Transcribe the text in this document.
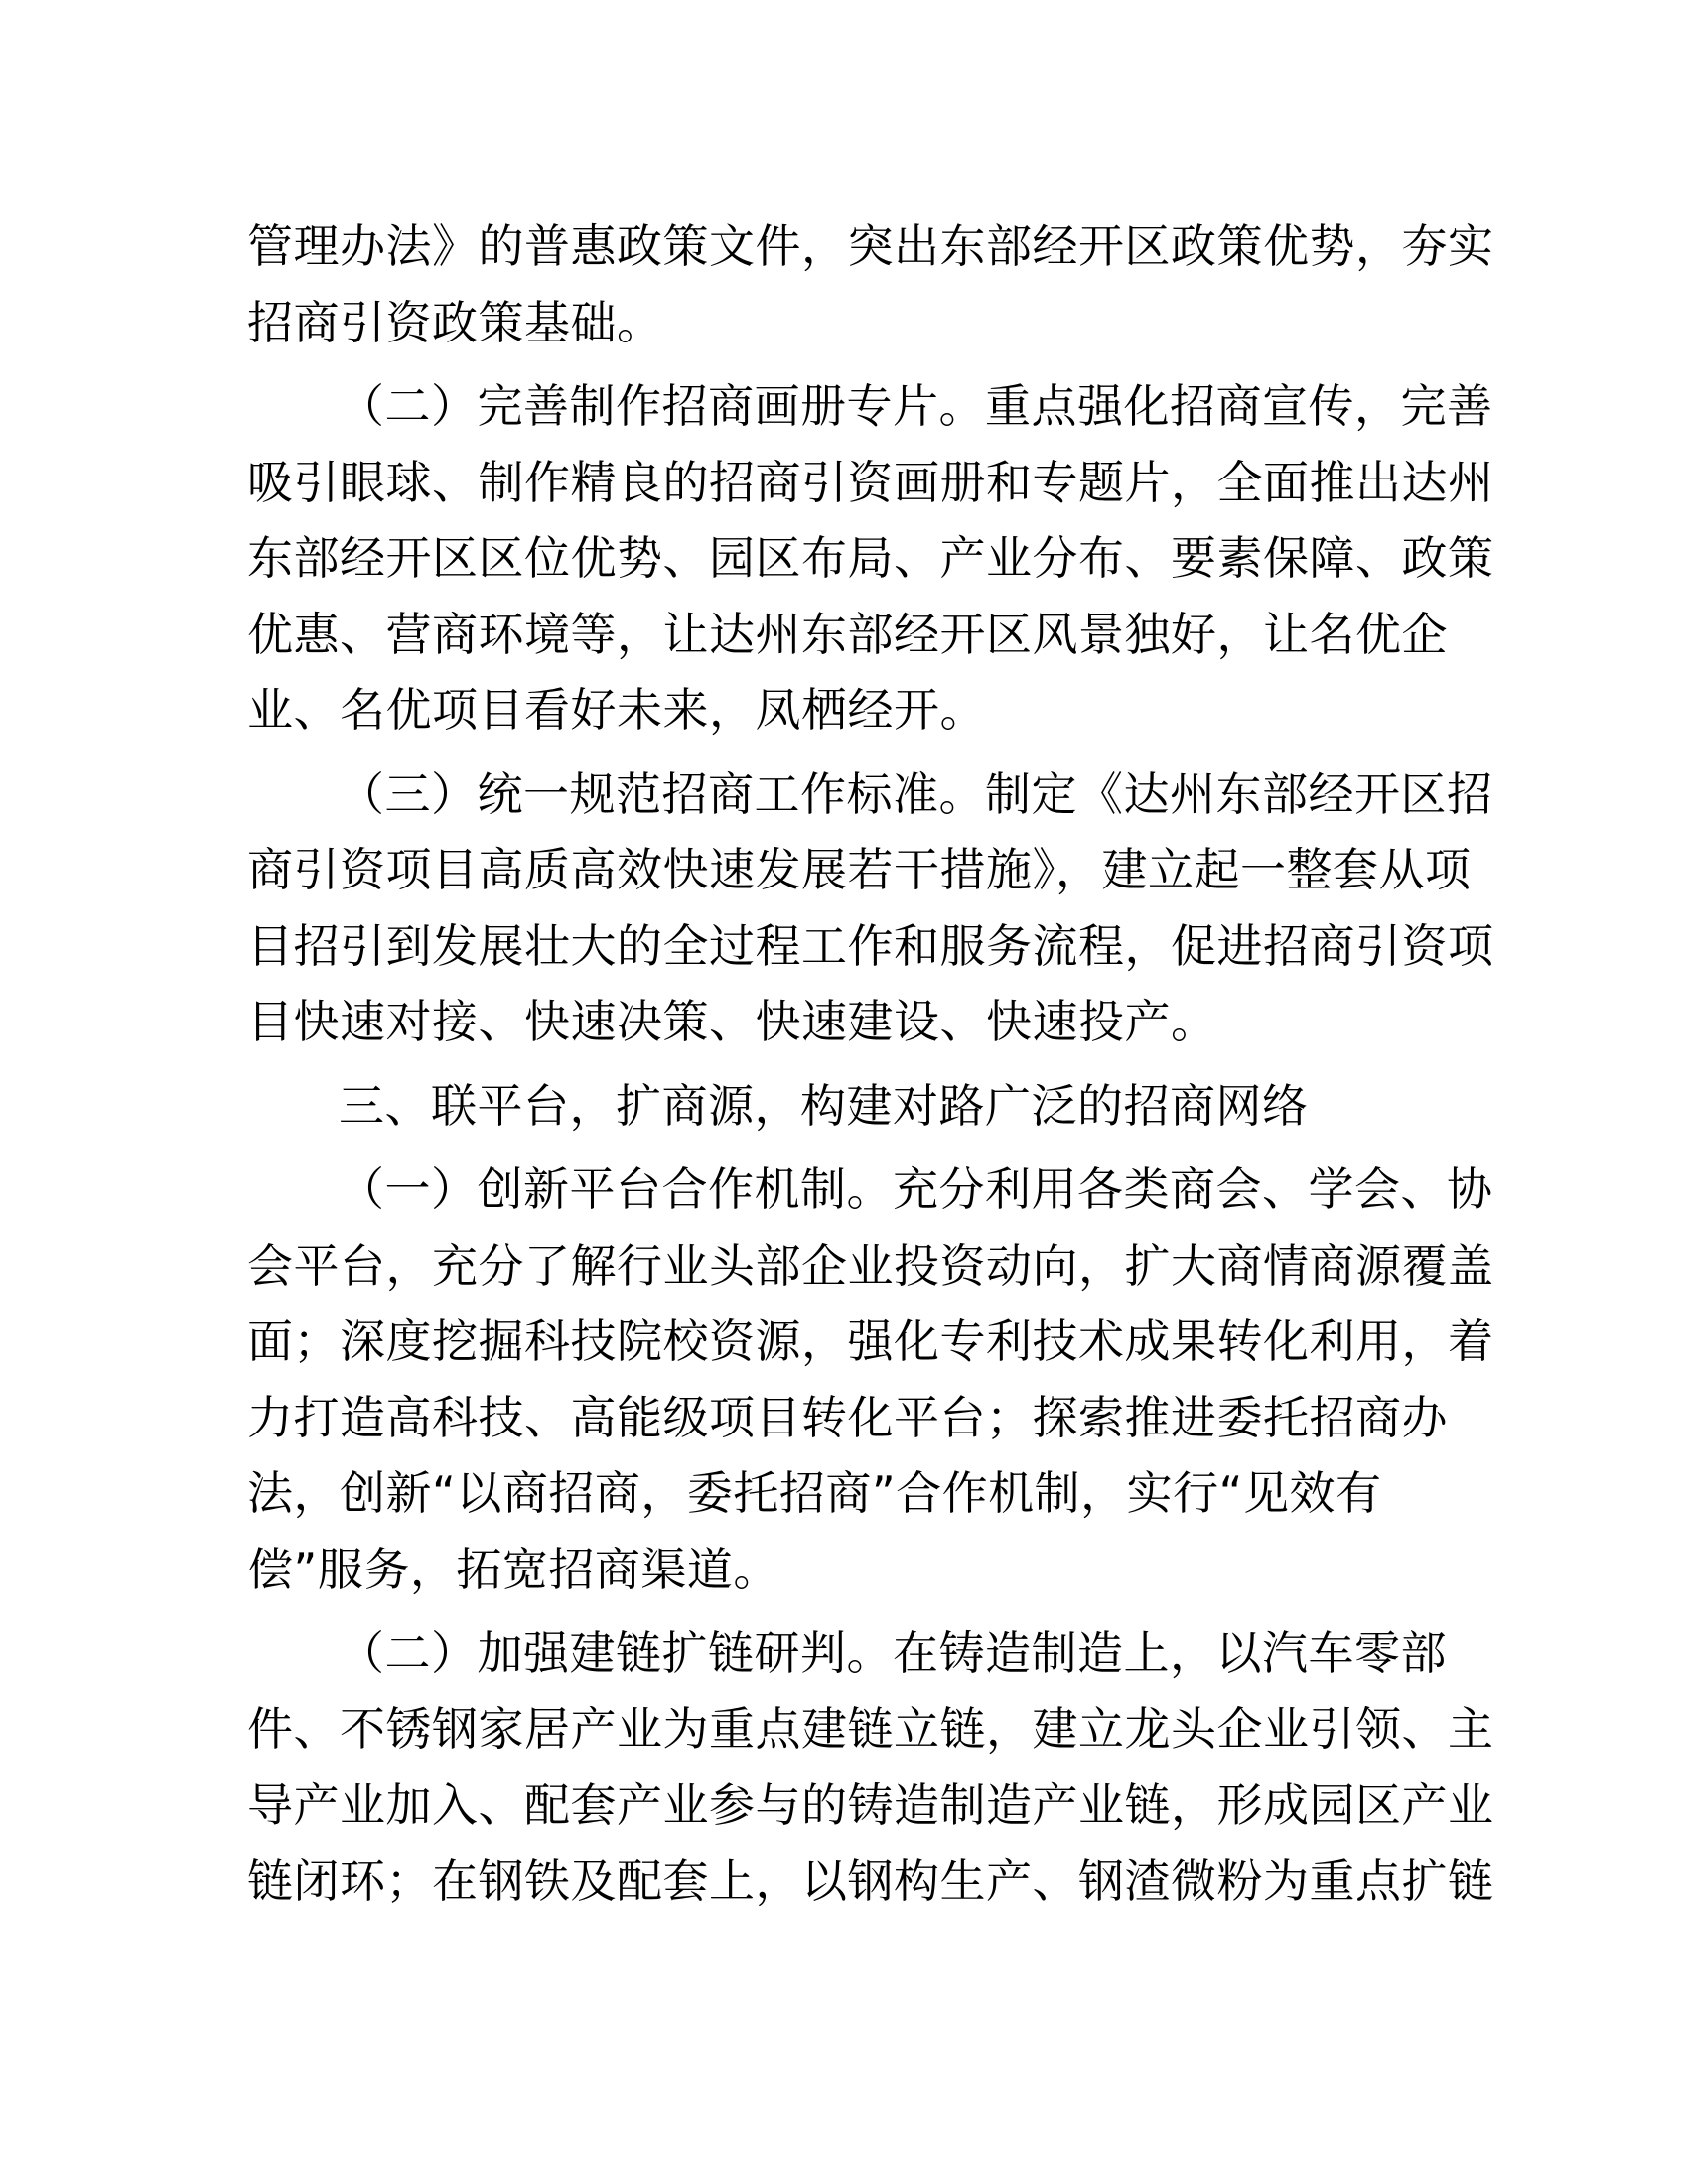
管理办法》的普惠政策文件，突出东部经开区政策优势，夯实
招商引资政策基础。

（二）完善制作招商画册专片。重点强化招商宣传，完善
吸引眼球、制作精良的招商引资画册和专题片，全面推出达州
东部经开区区位优势、园区布局、产业分布、要素保障、政策
优惠、营商环境等，让达州东部经开区风景独好，让名优企
业、名优项目看好未来，凤栖经开。

（三）统一规范招商工作标准。制定《达州东部经开区招
商引资项目高质高效快速发展若干措施》，建立起一整套从项
目招引到发展壮大的全过程工作和服务流程，促进招商引资项
目快速对接、快速决策、快速建设、快速投产。

三、联平台，扩商源，构建对路广泛的招商网络

（一）创新平台合作机制。充分利用各类商会、学会、协
会平台，充分了解行业头部企业投资动向，扩大商情商源覆盖
面；深度挖掘科技院校资源，强化专利技术成果转化利用，着
力打造高科技、高能级项目转化平台；探索推进委托招商办
法，创新“以商招商，委托招商”合作机制，实行“见效有
偿”服务，拓宽招商渠道。

（二）加强建链扩链研判。在铸造制造上，以汽车零部
件、不锈钢家居产业为重点建链立链，建立龙头企业引领、主
导产业加入、配套产业参与的铸造制造产业链，形成园区产业
链闭环；在钢铁及配套上，以钢构生产、钢渣微粉为重点扩链
